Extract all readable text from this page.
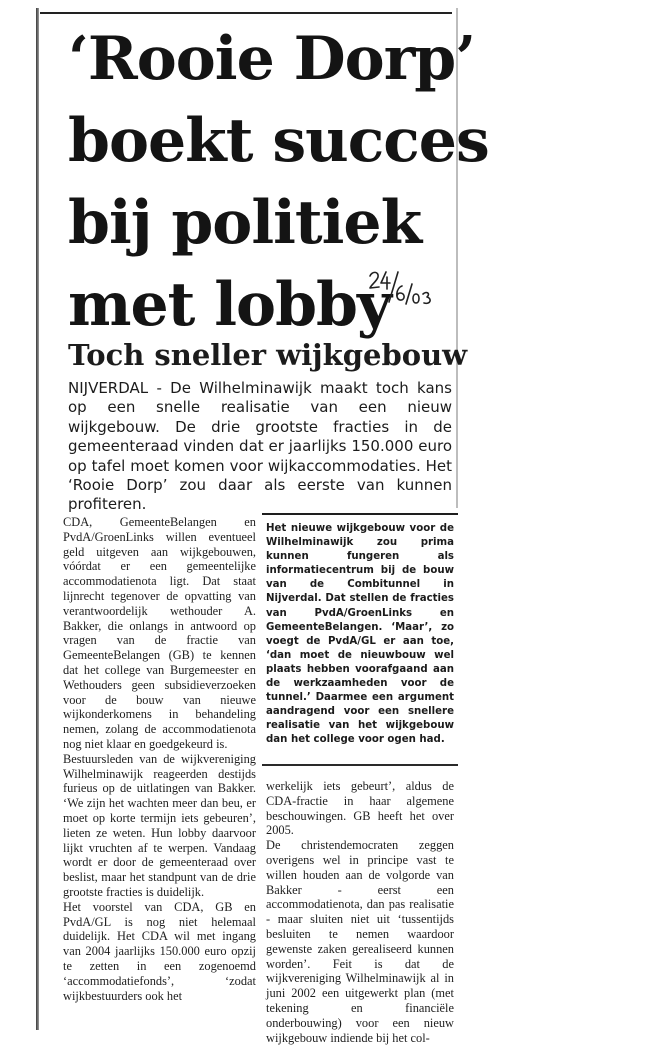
‘Rooie Dorp’
boekt succes
bij politiek
met lobby
Toch sneller wijkgebouw

NIJVERDAL - De Wilhelminawijk maakt toch kans op een snelle realisatie van een nieuw wijkgebouw. De drie grootste fracties in de gemeenteraad vinden dat er jaarlijks 150.000 euro op tafel moet komen voor wijkaccommodaties. Het ‘Rooie Dorp’ zou daar als eerste van kunnen profiteren.

CDA, GemeenteBelangen en PvdA/GroenLinks willen eventueel geld uitgeven aan wijkgebouwen, vóórdat er een gemeentelijke accommodatienota ligt. Dat staat lijnrecht tegenover de opvatting van verantwoordelijk wethouder A. Bakker, die onlangs in antwoord op vragen van de fractie van GemeenteBelangen (GB) te kennen dat het college van Burgemeester en Wethouders geen subsidieverzoeken voor de bouw van nieuwe wijkonderkomens in behandeling nemen, zolang de accommodatienota nog niet klaar en goedgekeurd is.

Bestuursleden van de wijkvereniging Wilhelminawijk reageerden destijds furieus op de uitlatingen van Bakker. ‘We zijn het wachten meer dan beu, er moet op korte termijn iets gebeuren’, lieten ze weten. Hun lobby daarvoor lijkt vruchten af te werpen. Vandaag wordt er door de gemeenteraad over beslist, maar het standpunt van de drie grootste fracties is duidelijk.

Het voorstel van CDA, GB en PvdA/GL is nog niet helemaal duidelijk. Het CDA wil met ingang van 2004 jaarlijks 150.000 euro opzij te zetten in een zogenoemd ‘accommodatiefonds’, ‘zodat wijkbestuurders ook het

Het nieuwe wijkgebouw voor de Wilhelminawijk zou prima kunnen fungeren als informatiecentrum bij de bouw van de Combitunnel in Nijverdal. Dat stellen de fracties van PvdA/GroenLinks en GemeenteBelangen. ‘Maar’, zo voegt de PvdA/GL er aan toe, ‘dan moet de nieuwbouw wel plaats hebben voorafgaand aan de werkzaamheden voor de tunnel.’ Daarmee een argument aandragend voor een snellere realisatie van het wijkgebouw dan het college voor ogen had.

werkelijk iets gebeurt’, aldus de CDA-fractie in haar algemene beschouwingen. GB heeft het over 2005.

De christendemocraten zeggen overigens wel in principe vast te willen houden aan de volgorde van Bakker - eerst een accommodatienota, dan pas realisatie - maar sluiten niet uit ‘tussentijds besluiten te nemen waardoor gewenste zaken gerealiseerd kunnen worden’. Feit is dat de wijkvereniging Wilhelminawijk al in juni 2002 een uitgewerkt plan (met tekening en financiële onderbouwing) voor een nieuw wijkgebouw indiende bij het col-
